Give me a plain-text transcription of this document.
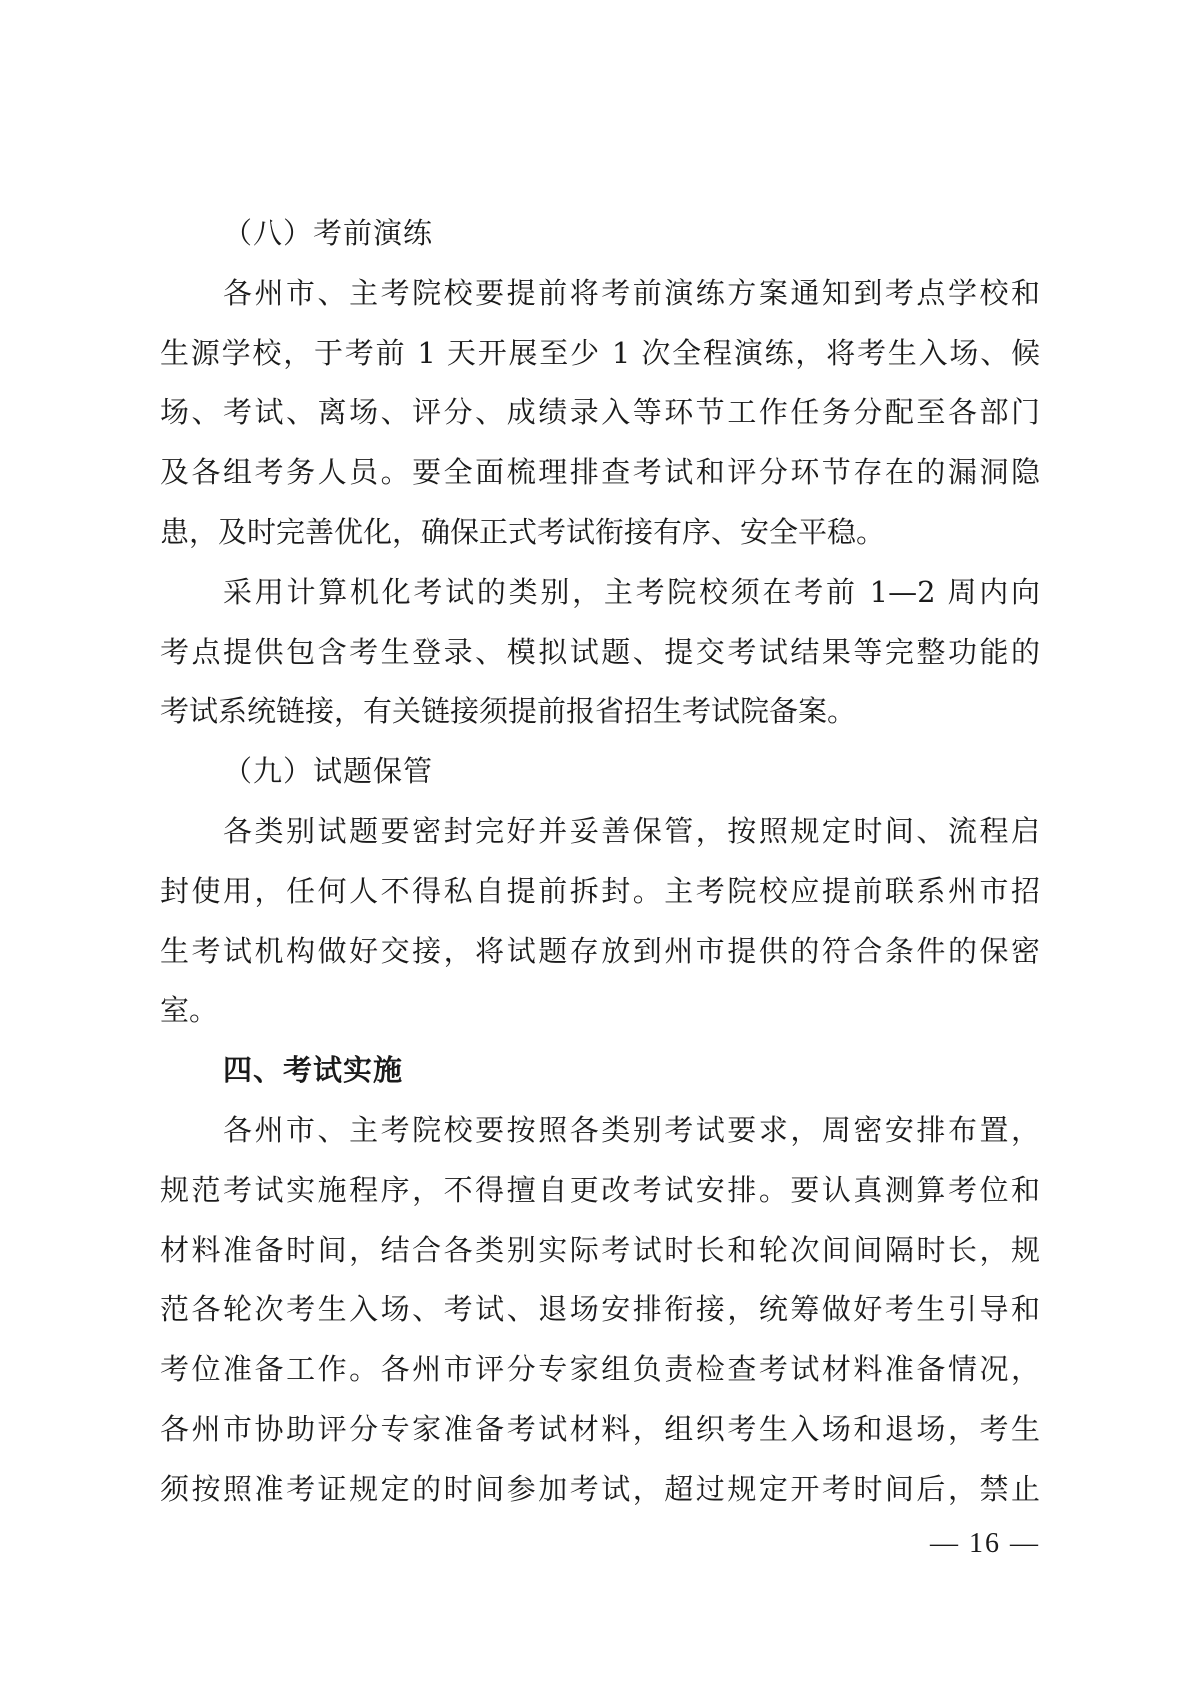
（八）考前演练
各州市、主考院校要提前将考前演练方案通知到考点学校和
生源学校，于考前 1 天开展至少 1 次全程演练，将考生入场、候
场、考试、离场、评分、成绩录入等环节工作任务分配至各部门
及各组考务人员。要全面梳理排查考试和评分环节存在的漏洞隐
患，及时完善优化，确保正式考试衔接有序、安全平稳。
采用计算机化考试的类别，主考院校须在考前 1—2 周内向
考点提供包含考生登录、模拟试题、提交考试结果等完整功能的
考试系统链接，有关链接须提前报省招生考试院备案。
（九）试题保管
各类别试题要密封完好并妥善保管，按照规定时间、流程启
封使用，任何人不得私自提前拆封。主考院校应提前联系州市招
生考试机构做好交接，将试题存放到州市提供的符合条件的保密
室。
四、考试实施
各州市、主考院校要按照各类别考试要求，周密安排布置，
规范考试实施程序，不得擅自更改考试安排。要认真测算考位和
材料准备时间，结合各类别实际考试时长和轮次间间隔时长，规
范各轮次考生入场、考试、退场安排衔接，统筹做好考生引导和
考位准备工作。各州市评分专家组负责检查考试材料准备情况，
各州市协助评分专家准备考试材料，组织考生入场和退场，考生
须按照准考证规定的时间参加考试，超过规定开考时间后，禁止
— 16 —
